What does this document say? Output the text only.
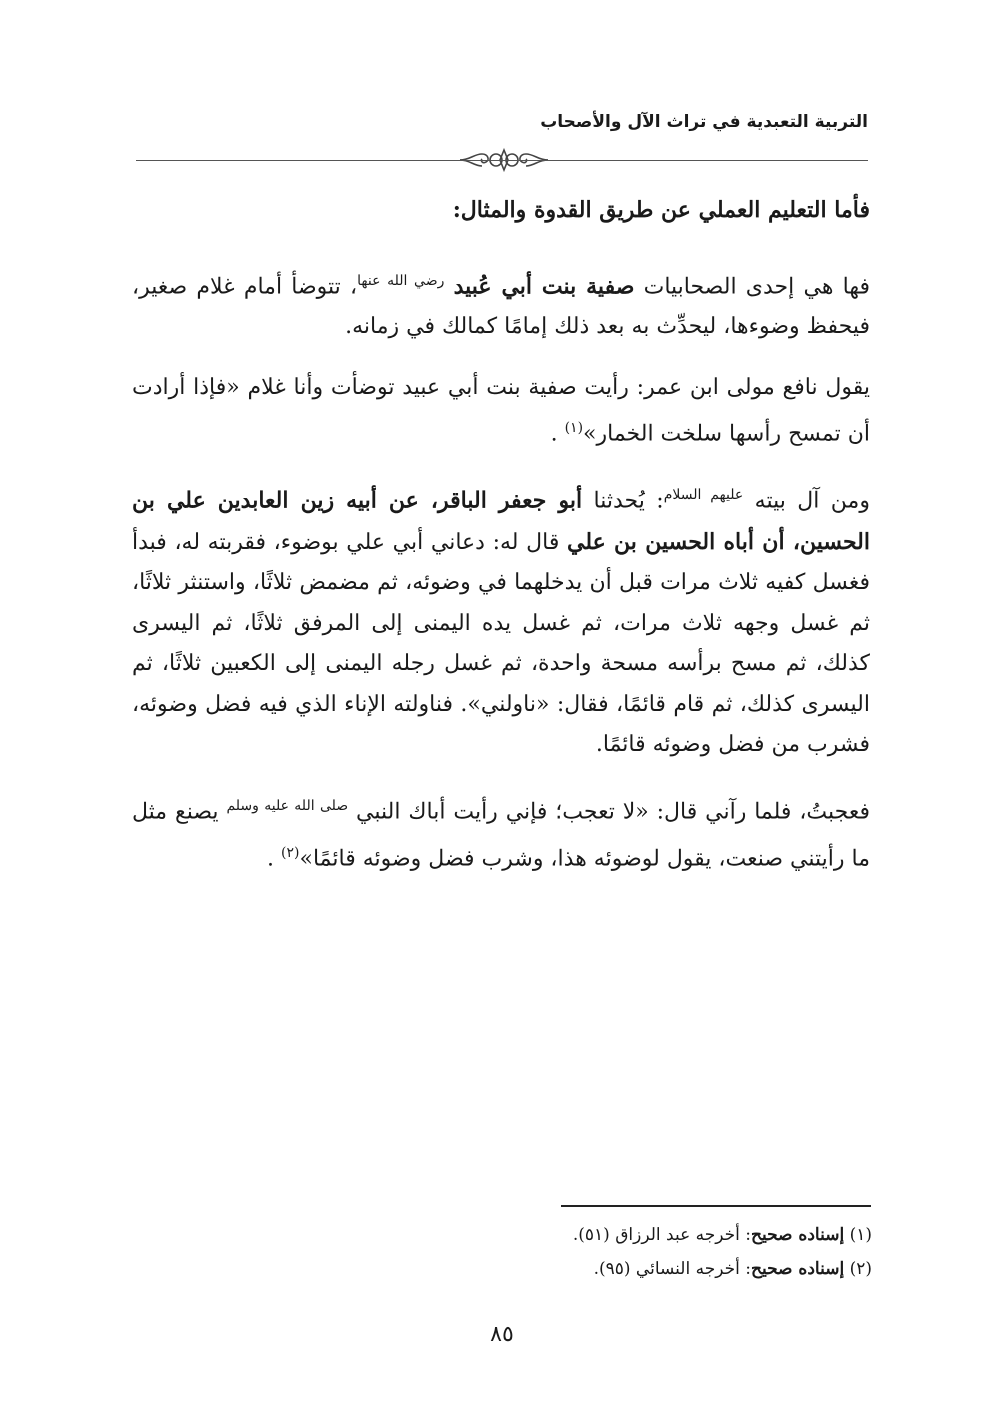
التربية التعبدية في تراث الآل والأصحاب

فأما التعليم العملي عن طريق القدوة والمثال:

فها هي إحدى الصحابيات صفية بنت أبي عُبيد $^{رضي الله عنها}$، تتوضأ أمام غلام صغير، فيحفظ وضوءها، ليحدِّث به بعد ذلك إمامًا كمالك في زمانه.

يقول نافع مولى ابن عمر: رأيت صفية بنت أبي عبيد توضأت وأنا غلام «فإذا أرادت أن تمسح رأسها سلخت الخمار»$^{(١)}$ .

ومن آل بيته $^{عليهم السلام}$: يُحدثنا أبو جعفر الباقر، عن أبيه زين العابدين علي بن الحسين، أن أباه الحسين بن علي قال له: دعاني أبي علي بوضوء، فقربته له، فبدأ فغسل كفيه ثلاث مرات قبل أن يدخلهما في وضوئه، ثم مضمض ثلاثًا، واستنثر ثلاثًا، ثم غسل وجهه ثلاث مرات، ثم غسل يده اليمنى إلى المرفق ثلاثًا، ثم اليسرى كذلك، ثم مسح برأسه مسحة واحدة، ثم غسل رجله اليمنى إلى الكعبين ثلاثًا، ثم اليسرى كذلك، ثم قام قائمًا، فقال: «ناولني». فناولته الإناء الذي فيه فضل وضوئه، فشرب من فضل وضوئه قائمًا.

فعجبتُ، فلما رآني قال: «لا تعجب؛ فإني رأيت أباك النبي $^{صلى الله عليه وسلم}$ يصنع مثل ما رأيتني صنعت، يقول لوضوئه هذا، وشرب فضل وضوئه قائمًا»$^{(٢)}$ .

(١) إسناده صحيح: أخرجه عبد الرزاق (٥١).
(٢) إسناده صحيح: أخرجه النسائي (٩٥).
٨٥
